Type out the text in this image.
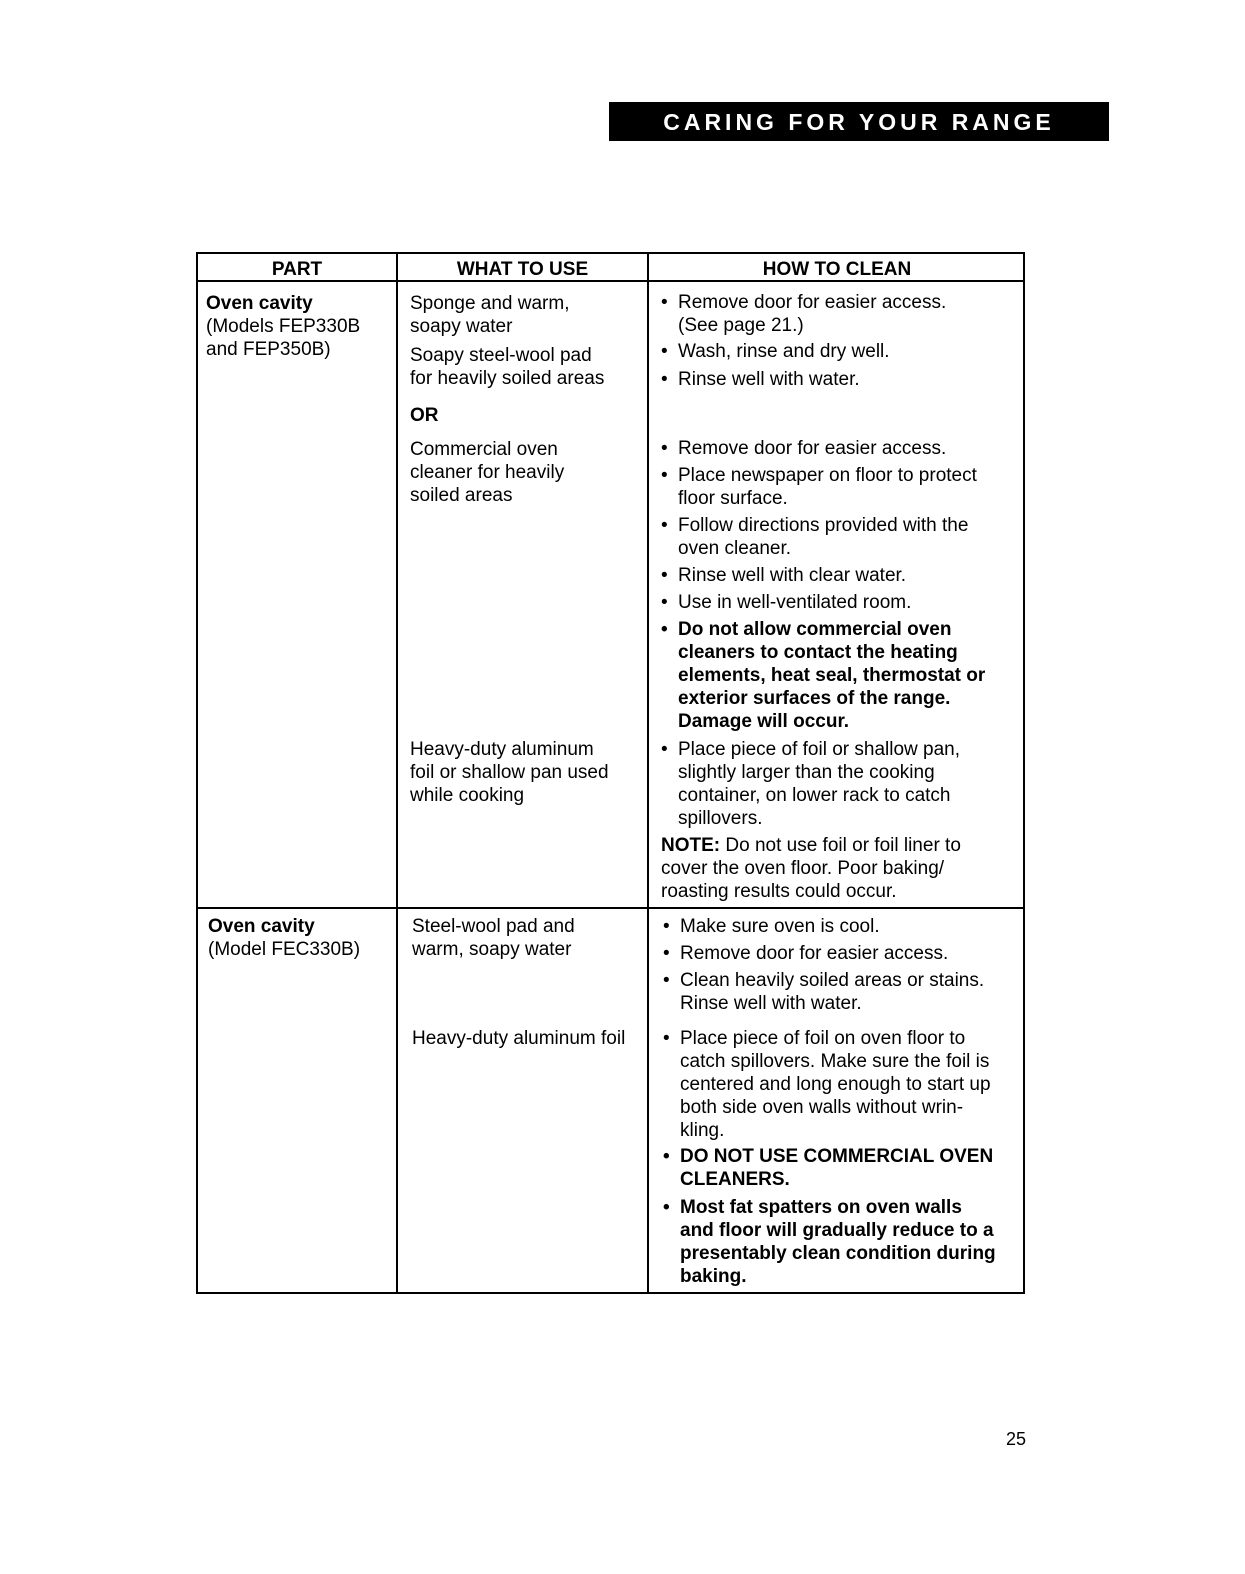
CARING FOR YOUR RANGE
PART	WHAT TO USE	HOW TO CLEAN
Oven cavity
(Models FEP330B
and FEP350B)
Sponge and warm,
soapy water
Soapy steel-wool pad
for heavily soiled areas
OR
Commercial oven
cleaner for heavily
soiled areas
Heavy-duty aluminum
foil or shallow pan used
while cooking
• Remove door for easier access.
(See page 21.)
• Wash, rinse and dry well.
• Rinse well with water.
• Remove door for easier access.
• Place newspaper on floor to protect
floor surface.
• Follow directions provided with the
oven cleaner.
• Rinse well with clear water.
• Use in well-ventilated room.
• Do not allow commercial oven
cleaners to contact the heating
elements, heat seal, thermostat or
exterior surfaces of the range.
Damage will occur.
• Place piece of foil or shallow pan,
slightly larger than the cooking
container, on lower rack to catch
spillovers.
NOTE: Do not use foil or foil liner to
cover the oven floor. Poor baking/
roasting results could occur.
Oven cavity
(Model FEC330B)
Steel-wool pad and
warm, soapy water
Heavy-duty aluminum foil
• Make sure oven is cool.
• Remove door for easier access.
• Clean heavily soiled areas or stains.
Rinse well with water.
• Place piece of foil on oven floor to
catch spillovers. Make sure the foil is
centered and long enough to start up
both side oven walls without wrin-
kling.
• DO NOT USE COMMERCIAL OVEN
CLEANERS.
• Most fat spatters on oven walls
and floor will gradually reduce to a
presentably clean condition during
baking.
25
